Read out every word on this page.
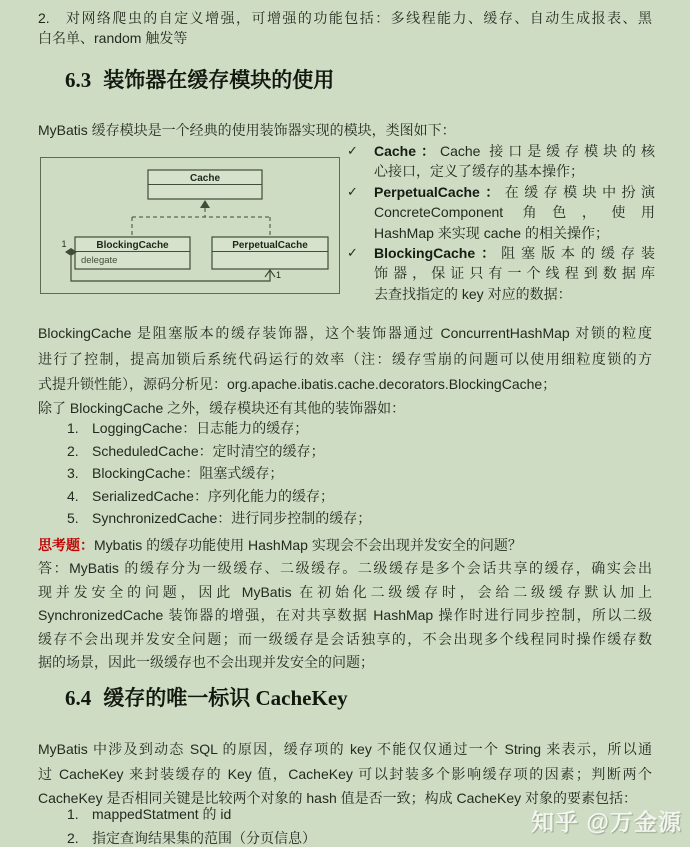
2.	对网络爬虫的自定义增强，可增强的功能包括：多线程能力、缓存、自动生成报表、黑
白名单、random 触发等
6.3 装饰器在缓存模块的使用
MyBatis 缓存模块是一个经典的使用装饰器实现的模块，类图如下：
Cache
BlockingCache
delegate
PerpetualCache
1
1
✓	Cache：Cache 接口是缓存模块的核
心接口，定义了缓存的基本操作；
✓	PerpetualCache：在缓存模块中扮演
ConcreteComponent 角色，使用
HashMap 来实现 cache 的相关操作；
✓	BlockingCache：阻塞版本的缓存装
饰器，保证只有一个线程到数据库
去查找指定的 key 对应的数据：
BlockingCache 是阻塞版本的缓存装饰器，这个装饰器通过 ConcurrentHashMap 对锁的粒度
进行了控制，提高加锁后系统代码运行的效率（注：缓存雪崩的问题可以使用细粒度锁的方
式提升锁性能），源码分析见：org.apache.ibatis.cache.decorators.BlockingCache；
除了 BlockingCache 之外，缓存模块还有其他的装饰器如：
1. LoggingCache：日志能力的缓存；
2. ScheduledCache：定时清空的缓存；
3. BlockingCache：阻塞式缓存；
4. SerializedCache：序列化能力的缓存；
5. SynchronizedCache：进行同步控制的缓存；
思考题：Mybatis 的缓存功能使用 HashMap 实现会不会出现并发安全的问题？
答：MyBatis 的缓存分为一级缓存、二级缓存。二级缓存是多个会话共享的缓存，确实会出
现并发安全的问题，因此 MyBatis 在初始化二级缓存时，会给二级缓存默认加上
SynchronizedCache 装饰器的增强，在对共享数据 HashMap 操作时进行同步控制，所以二级
缓存不会出现并发安全问题；而一级缓存是会话独享的，不会出现多个线程同时操作缓存数
据的场景，因此一级缓存也不会出现并发安全的问题；
6.4 缓存的唯一标识 CacheKey
MyBatis 中涉及到动态 SQL 的原因，缓存项的 key 不能仅仅通过一个 String 来表示，所以通
过 CacheKey 来封装缓存的 Key 值，CacheKey 可以封装多个影响缓存项的因素；判断两个
CacheKey 是否相同关键是比较两个对象的 hash 值是否一致；构成 CacheKey 对象的要素包括：
1. mappedStatment 的 id
2. 指定查询结果集的范围（分页信息）
知乎 @万金源
